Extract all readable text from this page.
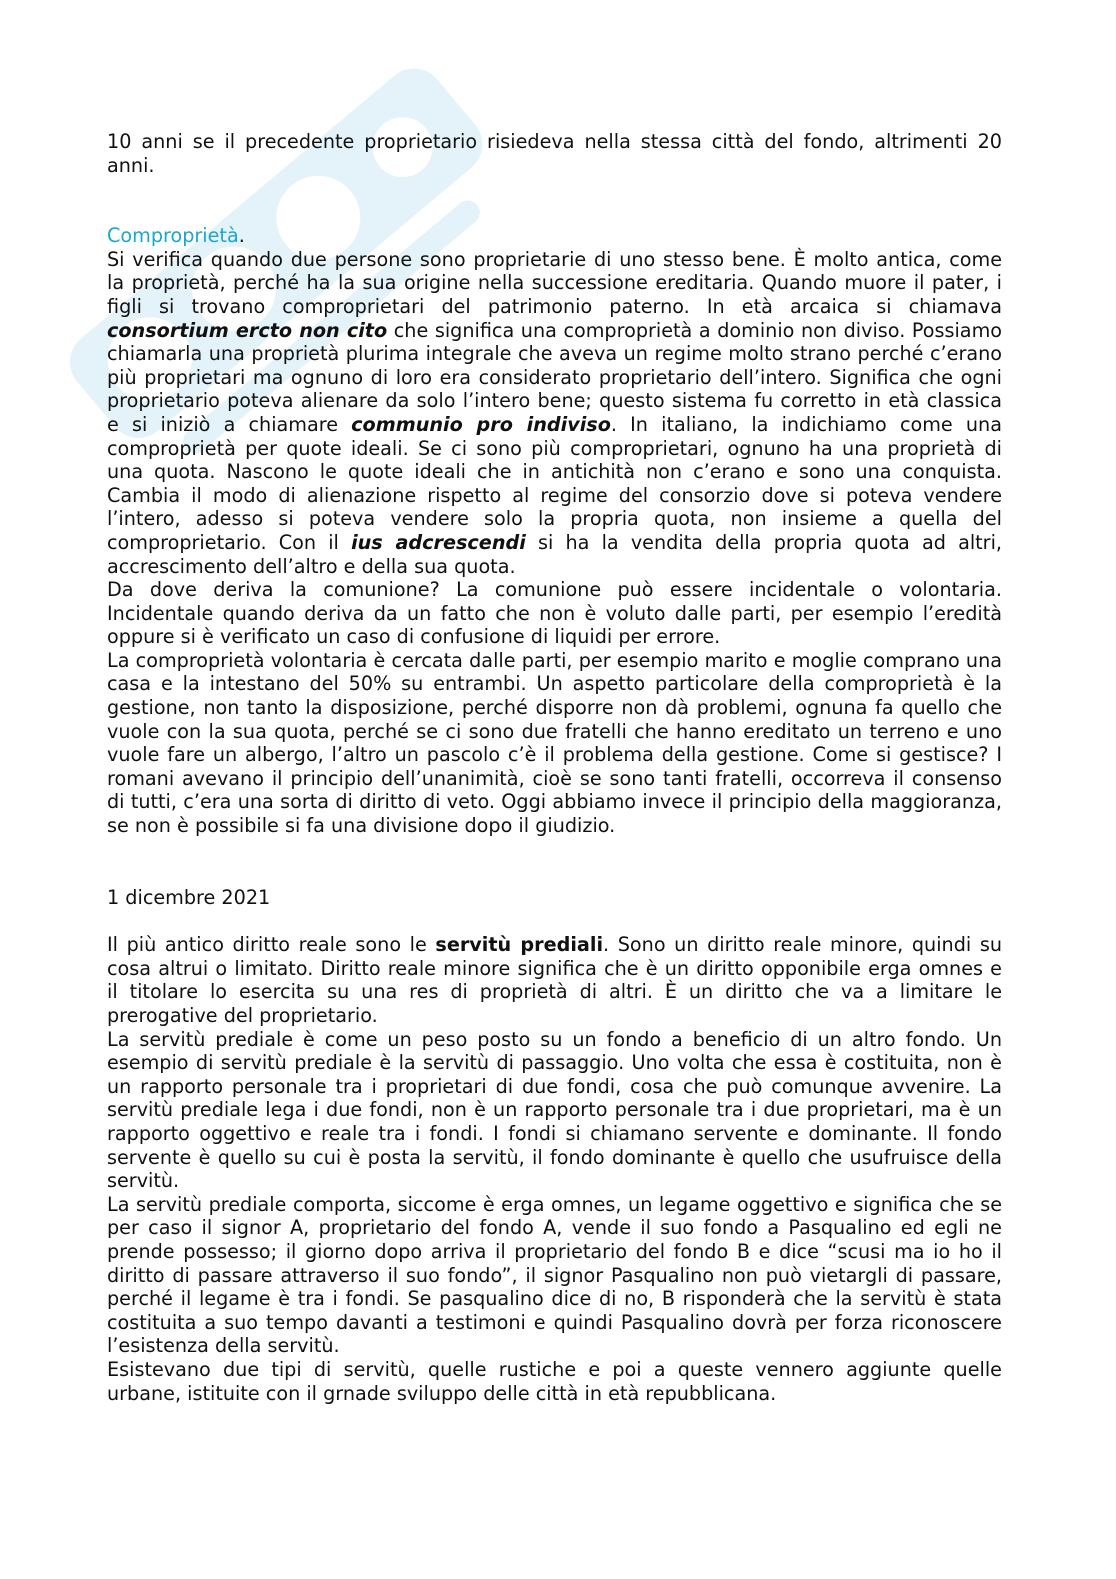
10 anni se il precedente proprietario risiedeva nella stessa città del fondo, altrimenti 20 anni.

Comproprietà.

Si verifica quando due persone sono proprietarie di uno stesso bene. È molto antica, come la proprietà, perché ha la sua origine nella successione ereditaria. Quando muore il pater, i figli si trovano comproprietari del patrimonio paterno. In età arcaica si chiamava consortium ercto non cito che significa una comproprietà a dominio non diviso. Possiamo chiamarla una proprietà plurima integrale che aveva un regime molto strano perché c’erano più proprietari ma ognuno di loro era considerato proprietario dell’intero. Significa che ogni proprietario poteva alienare da solo l’intero bene; questo sistema fu corretto in età classica e si iniziò a chiamare communio pro indiviso. In italiano, la indichiamo come una comproprietà per quote ideali. Se ci sono più comproprietari, ognuno ha una proprietà di una quota. Nascono le quote ideali che in antichità non c’erano e sono una conquista. Cambia il modo di alienazione rispetto al regime del consorzio dove si poteva vendere l’intero, adesso si poteva vendere solo la propria quota, non insieme a quella del comproprietario. Con il ius adcrescendi si ha la vendita della propria quota ad altri, accrescimento dell’altro e della sua quota.

Da dove deriva la comunione? La comunione può essere incidentale o volontaria. Incidentale quando deriva da un fatto che non è voluto dalle parti, per esempio l’eredità oppure si è verificato un caso di confusione di liquidi per errore.

La comproprietà volontaria è cercata dalle parti, per esempio marito e moglie comprano una casa e la intestano del 50% su entrambi. Un aspetto particolare della comproprietà è la gestione, non tanto la disposizione, perché disporre non dà problemi, ognuna fa quello che vuole con la sua quota, perché se ci sono due fratelli che hanno ereditato un terreno e uno vuole fare un albergo, l’altro un pascolo c’è il problema della gestione. Come si gestisce? I romani avevano il principio dell’unanimità, cioè se sono tanti fratelli, occorreva il consenso di tutti, c’era una sorta di diritto di veto. Oggi abbiamo invece il principio della maggioranza, se non è possibile si fa una divisione dopo il giudizio.

1 dicembre 2021

Il più antico diritto reale sono le servitù prediali. Sono un diritto reale minore, quindi su cosa altrui o limitato. Diritto reale minore significa che è un diritto opponibile erga omnes e il titolare lo esercita su una res di proprietà di altri. È un diritto che va a limitare le prerogative del proprietario.

La servitù prediale è come un peso posto su un fondo a beneficio di un altro fondo. Un esempio di servitù prediale è la servitù di passaggio. Uno volta che essa è costituita, non è un rapporto personale tra i proprietari di due fondi, cosa che può comunque avvenire. La servitù prediale lega i due fondi, non è un rapporto personale tra i due proprietari, ma è un rapporto oggettivo e reale tra i fondi. I fondi si chiamano servente e dominante. Il fondo servente è quello su cui è posta la servitù, il fondo dominante è quello che usufruisce della servitù.

La servitù prediale comporta, siccome è erga omnes, un legame oggettivo e significa che se per caso il signor A, proprietario del fondo A, vende il suo fondo a Pasqualino ed egli ne prende possesso; il giorno dopo arriva il proprietario del fondo B e dice “scusi ma io ho il diritto di passare attraverso il suo fondo”, il signor Pasqualino non può vietargli di passare, perché il legame è tra i fondi. Se pasqualino dice di no, B risponderà che la servitù è stata costituita a suo tempo davanti a testimoni e quindi Pasqualino dovrà per forza riconoscere l’esistenza della servitù.

Esistevano due tipi di servitù, quelle rustiche e poi a queste vennero aggiunte quelle urbane, istituite con il grnade sviluppo delle città in età repubblicana.
